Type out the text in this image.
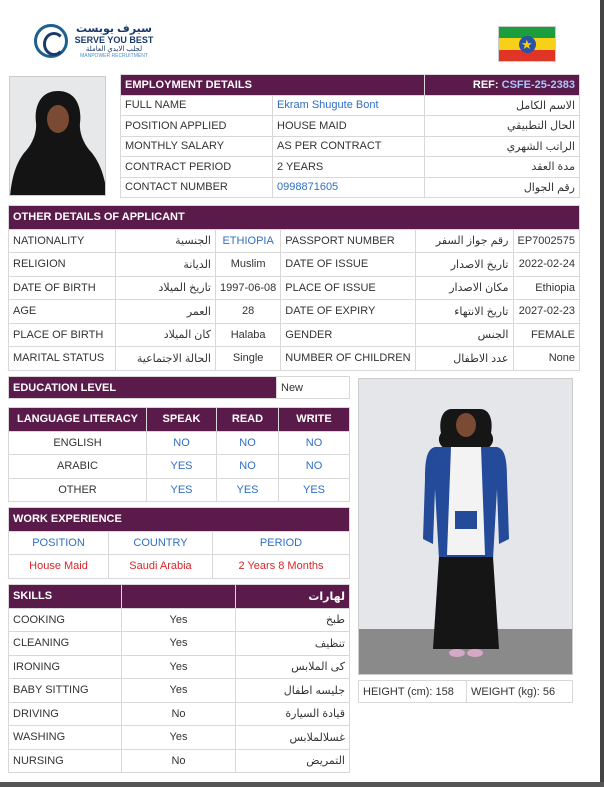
سيرف يوبست
SERVE YOU BEST
لجلب الايدي العاملة
MANPOWER RECRUITMENT
★
EMPLOYMENT DETAILS		REF: CSFE-25-2383
FULL NAME	Ekram Shugute Bont	الاسم الكامل
POSITION APPLIED	HOUSE MAID	الحال التطبيقي
MONTHLY SALARY	AS PER CONTRACT	الراتب الشهري
CONTRACT PERIOD	2 YEARS	مدة العقد
CONTACT NUMBER	0998871605	رقم الجوال
OTHER DETAILS OF APPLICANT					
NATIONALITY	الجنسية	ETHIOPIA	PASSPORT NUMBER	رقم جواز السفر	EP7002575
RELIGION	الديانة	Muslim	DATE OF ISSUE	تاريخ الاصدار	2022-02-24
DATE OF BIRTH	تاريخ الميلاد	1997-06-08	PLACE OF ISSUE	مكان الاصدار	Ethiopia
AGE	العمر	28	DATE OF EXPIRY	تاريخ الانتهاء	2027-02-23
PLACE OF BIRTH	كان الميلاد	Halaba	GENDER	الجنس	FEMALE
MARITAL STATUS	الحالة الاجتماعية	Single	NUMBER OF CHILDREN	عدد الاطفال	None
EDUCATION LEVEL	New
LANGUAGE LITERACY	SPEAK	READ	WRITE
ENGLISH	NO	NO	NO
ARABIC	YES	NO	NO
OTHER	YES	YES	YES
WORK EXPERIENCE		
POSITION	COUNTRY	PERIOD
House Maid	Saudi Arabia	2 Years 8 Months
SKILLS		لهارات
COOKING	Yes	طبخ
CLEANING	Yes	تنظيف
IRONING	Yes	كى الملابس
BABY SITTING	Yes	جليسه اطفال
DRIVING	No	قيادة السيارة
WASHING	Yes	غسلالملابس
NURSING	No	التمريض
HEIGHT (cm): 158	WEIGHT (kg): 56
